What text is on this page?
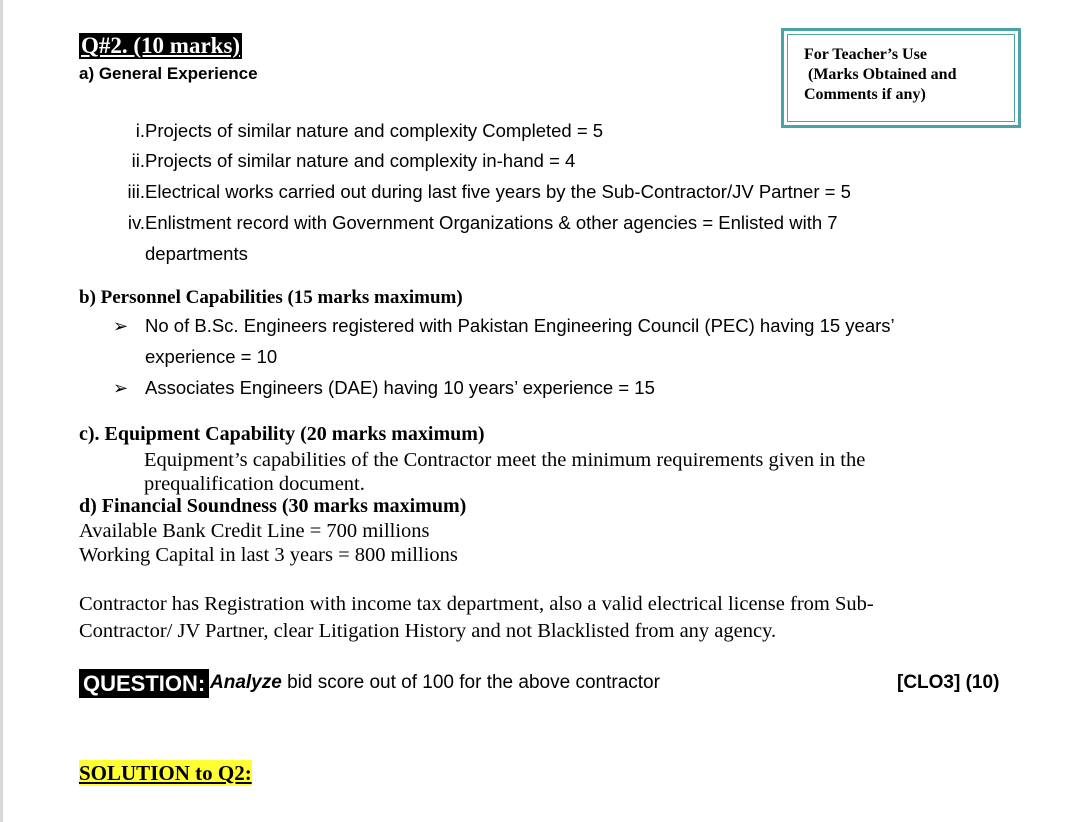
Q#2. (10 marks)
a) General Experience
For Teacher’s Use
(Marks Obtained and
Comments if any)
i.Projects of similar nature and complexity Completed = 5
ii.Projects of similar nature and complexity in-hand = 4
iii.Electrical works carried out during last five years by the Sub-Contractor/JV Partner = 5
iv.Enlistment record with Government Organizations & other agencies = Enlisted with 7
departments
b) Personnel Capabilities (15 marks maximum)
➢ No of B.Sc. Engineers registered with Pakistan Engineering Council (PEC) having 15 years’
experience = 10
➢ Associates Engineers (DAE) having 10 years’ experience = 15
c). Equipment Capability (20 marks maximum)
Equipment’s capabilities of the Contractor meet the minimum requirements given in the
prequalification document.
d) Financial Soundness (30 marks maximum)
Available Bank Credit Line = 700 millions
Working Capital in last 3 years = 800 millions
Contractor has Registration with income tax department, also a valid electrical license from Sub-
Contractor/ JV Partner, clear Litigation History and not Blacklisted from any agency.
QUESTION: Analyze bid score out of 100 for the above contractor	[CLO3] (10)
SOLUTION to Q2:
